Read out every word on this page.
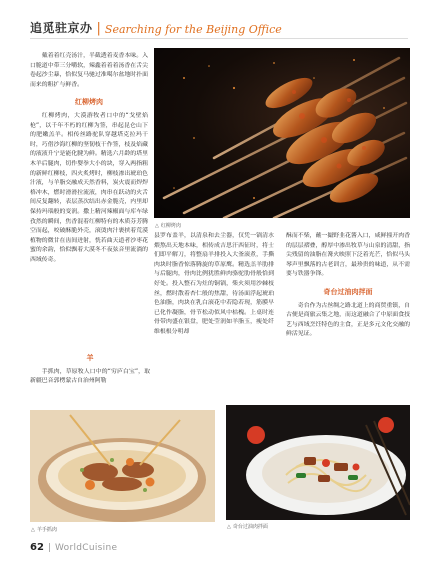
追觅驻京办 | Searching for the Beijing Office

戴着着红壳汤汁，半截透着麦香本味。入口脆道中带三分嚼软，辣鑫着着着汤香在舌尖卷起沙尘暴，恰似复马驰过准噶尔盆地时扑面而来的粗扩与鲜香。

红柳烤肉

红柳烤肉，大漠游牧者口中的“戈壁焰枪”，以千年不朽的红柳为签，串起昆仑山下的肥嫩羔羊。相传丝路驼队穿越塔克拉玛干时，巧借沙海红柳的坚韧枝干作签，枝及焰藏的液液升宁是能化腱为鲜。精选六月龄的塔里木羊后腿肉，切作婴拳大小的块，穿入两指粗的新鲜红柳枝，四火炙烤时，柳枝渗出琥珀色汁液，与羊脂交融成天然香料，炭火震而焊焊格冲木，燃时滑滑拉流液，肉串在跃动的火舌间反复翻转，表层蒸次结出赤金脆壳，内里却保持玛瑙般的变润。撒上精河辣椒面与库车绿孜然的瞬间，焦香混着红柳特有的木质芬芳腾空而起，咬破酥脆外壳，滚烫肉汁裹挟着荒漠植物的微甘在齿间迸射，恍若曲天道者沙枣花蜜的余韵，恰似飘着大漠冬不夜弦音里流淌的西域传奇。

△ 红柳烤肉

县罗布盖羊，以清泉和去尘器，仅凭一锅清水煨熬出天地本味，相传成吉思汗西征时，将士们即平解刀，将整扇羊排投入大釜滚煮，手撕肉块时脂香惊落腾旋的草原鹰。精选羔羊肋排与后腿肉，骨肉比例犹胜鲜肉骆驼肋骨般恰到好处。投入整石为灶的铜锅，柴火须用沙棘枝丝，燃时散着杏仁般的焦甜，待汤面浮起琥珀色油脂，肉块在乳白滚花中若隐若现，筋膜早已化作凝脂，骨节松动似风中枯槐。上桌时连骨带肉盛在银盘，肥处莹润如羊脂玉，瘦处纤维根根分明却

酥而不柴，蘸一撮野韭花酱入口，咸鲜撞开肉香的层层褶叠，醇厚中渗出牧草与山泉的清甜，指尖残留的油脂在篝火映照下泛着光芒，恰似马头琴声里飘落的古老训言，最珍贵的味道，从不需要与铁器争锋。

奇台过油肉拌面

奇台作为古丝绸之路北道上的商贸重镇，自古便是商旅云集之地，而这道融合了中原面食技艺与西域烹饪特色的主食，正是多元文化交融的鲜活见证。

羊

手抓肉，草原牧人口中的“穷庐白宝”，取新疆巴音郭楞蒙古自治州阿勒

△ 羊手抓肉
△ 奇台过油肉拌面
62 | WorldCuisine
